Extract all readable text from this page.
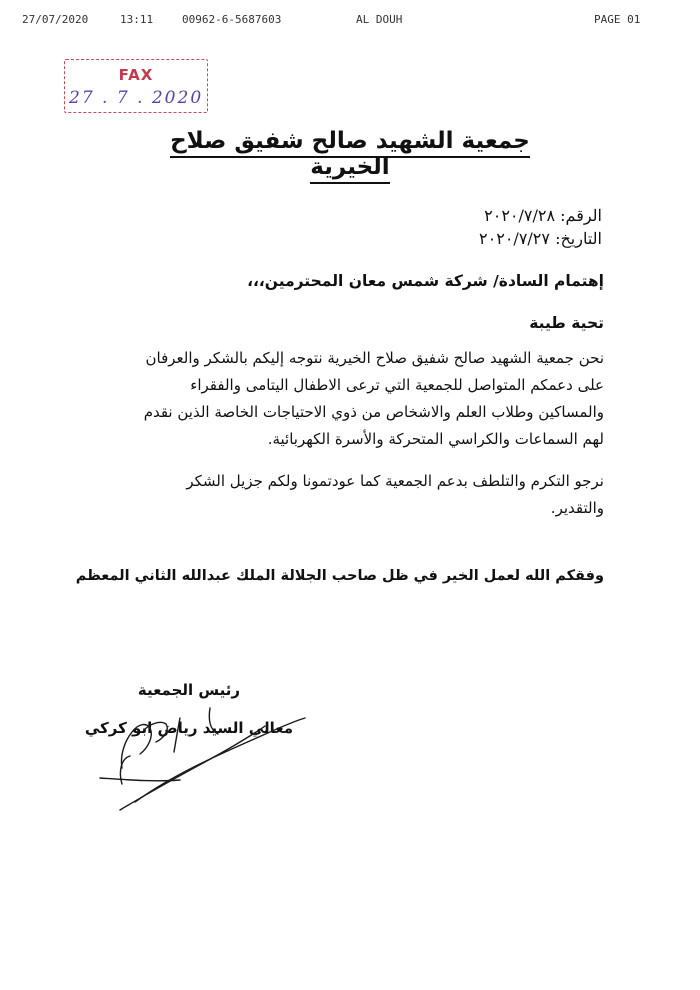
27/07/2020	13:11	00962-6-5687603	AL DOUH	PAGE 01
FAX
27 . 7 . 2020
جمعية الشهيد صالح شفيق صلاح الخيرية
الرقم: ٢٠٢٠/٧/٢٨
التاريخ: ٢٠٢٠/٧/٢٧
إهتمام السادة/ شركة شمس معان المحترمين،،،
تحية طيبة
نحن جمعية الشهيد صالح شفيق صلاح الخيرية نتوجه إليكم بالشكر والعرفان
على دعمكم المتواصل للجمعية التي ترعى الاطفال اليتامى والفقراء
والمساكين وطلاب العلم والاشخاص من ذوي الاحتياجات الخاصة الذين نقدم
لهم السماعات والكراسي المتحركة والأسرة الكهربائية.
نرجو التكرم والتلطف بدعم الجمعية كما عودتمونا ولكم جزيل الشكر
والتقدير.
وفقكم الله لعمل الخير في ظل صاحب الجلالة الملك عبدالله الثاني المعظم
رئيس الجمعية
معالي السيد رياض ابو كركي
